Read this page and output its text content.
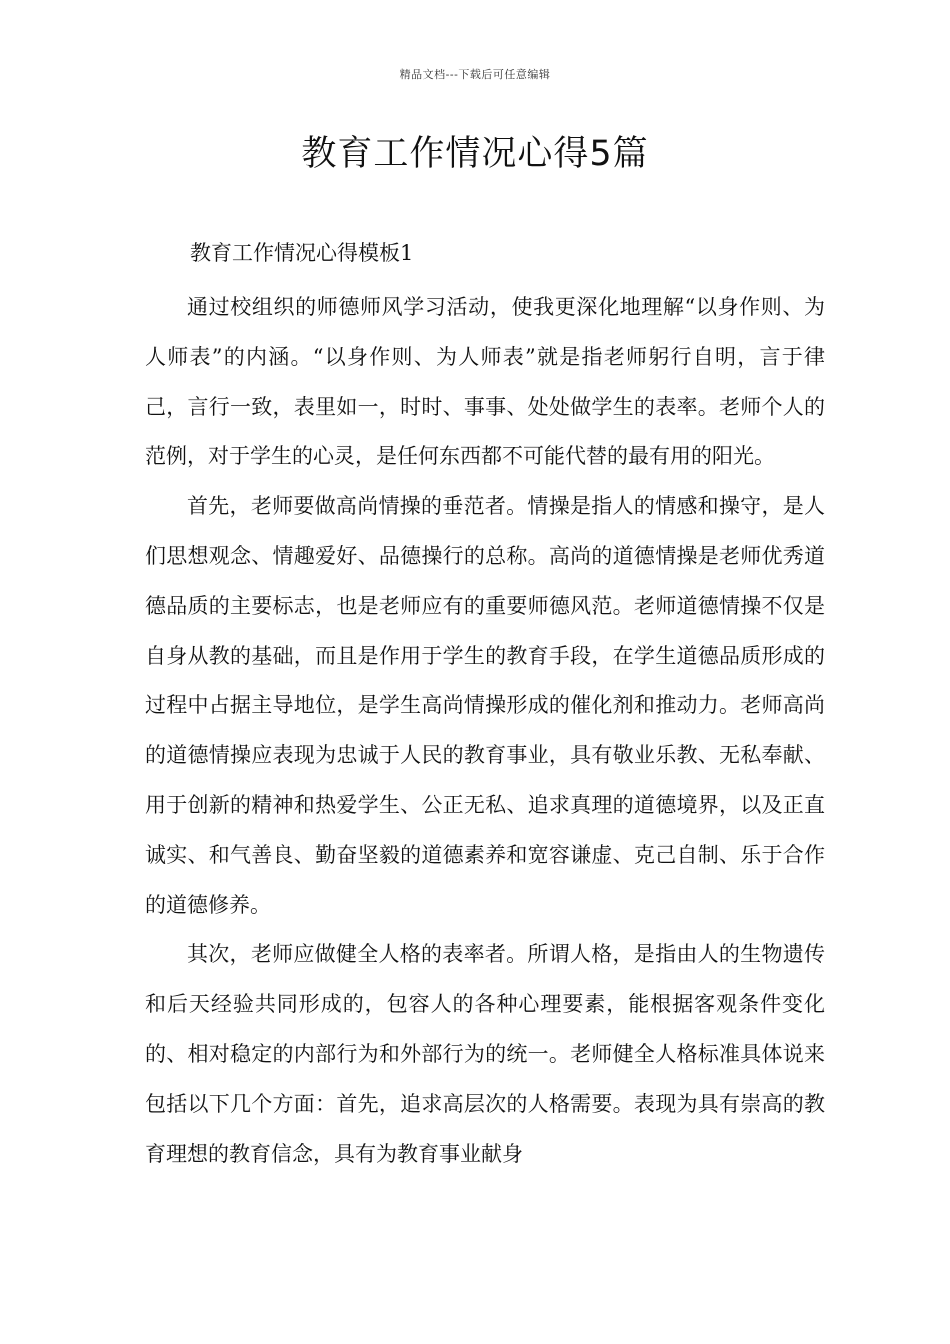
精品文档---下载后可任意编辑
教育工作情况心得5篇

教育工作情况心得模板1

通过校组织的师德师风学习活动，使我更深化地理解“以身作则、为人师表”的内涵。“以身作则、为人师表”就是指老师躬行自明，言于律己，言行一致，表里如一，时时、事事、处处做学生的表率。老师个人的范例，对于学生的心灵，是任何东西都不可能代替的最有用的阳光。

首先，老师要做高尚情操的垂范者。情操是指人的情感和操守，是人们思想观念、情趣爱好、品德操行的总称。高尚的道德情操是老师优秀道德品质的主要标志，也是老师应有的重要师德风范。老师道德情操不仅是自身从教的基础，而且是作用于学生的教育手段，在学生道德品质形成的过程中占据主导地位，是学生高尚情操形成的催化剂和推动力。老师高尚的道德情操应表现为忠诚于人民的教育事业，具有敬业乐教、无私奉献、用于创新的精神和热爱学生、公正无私、追求真理的道德境界，以及正直诚实、和气善良、勤奋坚毅的道德素养和宽容谦虚、克己自制、乐于合作的道德修养。

其次，老师应做健全人格的表率者。所谓人格，是指由人的生物遗传和后天经验共同形成的，包容人的各种心理要素，能根据客观条件变化的、相对稳定的内部行为和外部行为的统一。老师健全人格标准具体说来包括以下几个方面：首先，追求高层次的人格需要。表现为具有崇高的教育理想的教育信念，具有为教育事业献身
